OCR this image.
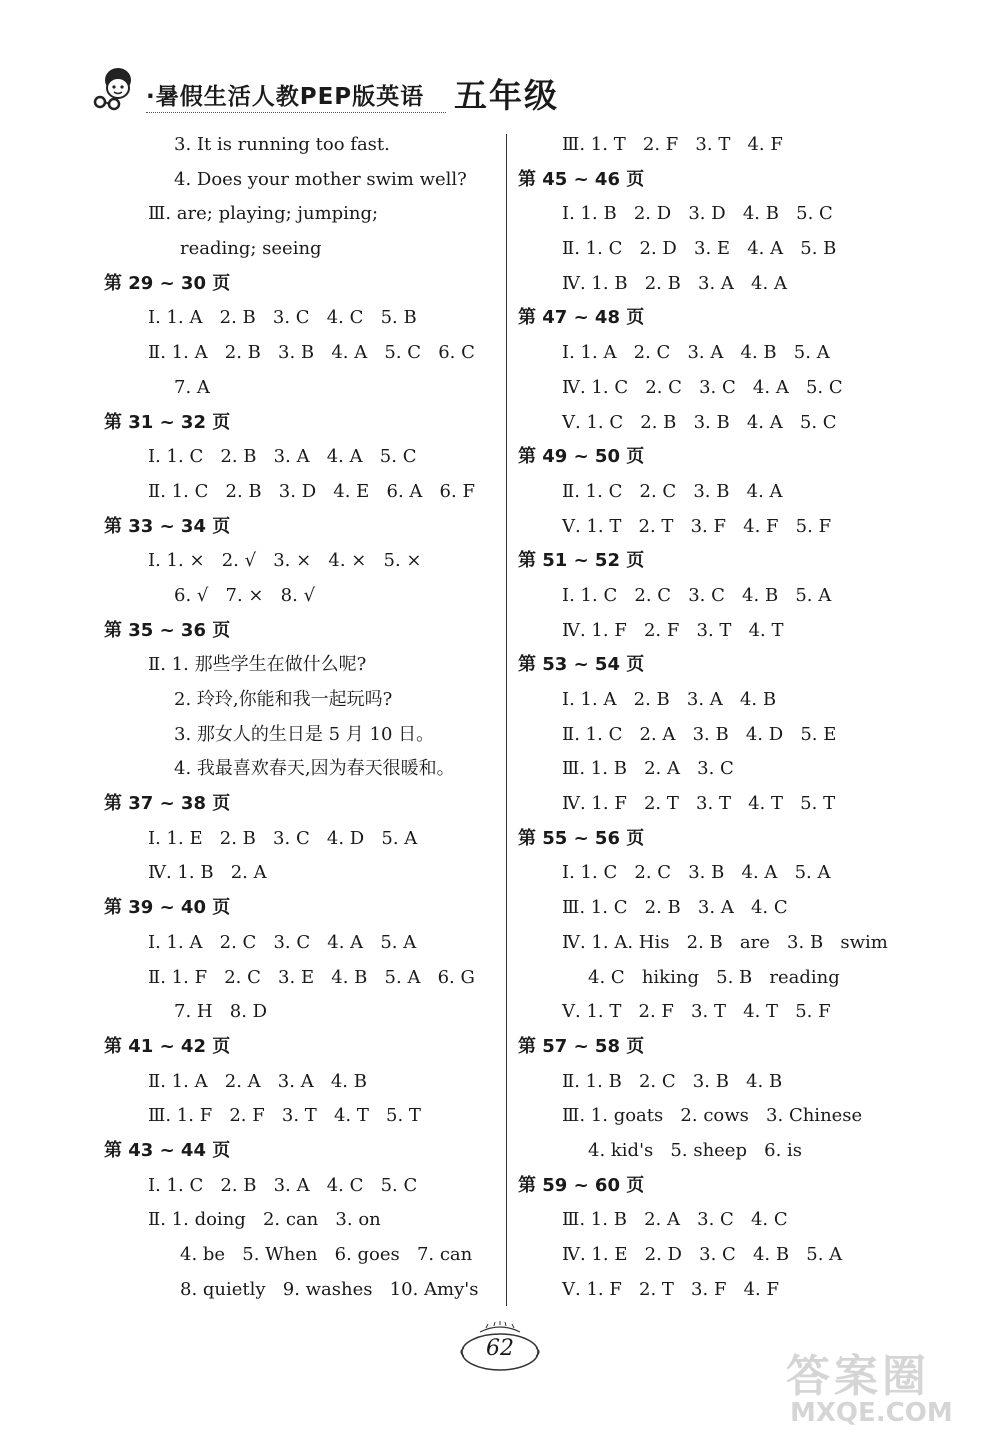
·暑假生活人教PEP版英语 五年级
3. It is running too fast.
4. Does your mother swim well?
Ⅲ. are; playing; jumping;
reading; seeing
第 29 ~ 30 页
Ⅰ. 1. A   2. B   3. C   4. C   5. B
Ⅱ. 1. A   2. B   3. B   4. A   5. C   6. C
7. A
第 31 ~ 32 页
Ⅰ. 1. C   2. B   3. A   4. A   5. C
Ⅱ. 1. C   2. B   3. D   4. E   6. A   6. F
第 33 ~ 34 页
Ⅰ. 1. ×   2. √   3. ×   4. ×   5. ×
6. √   7. ×   8. √
第 35 ~ 36 页
Ⅱ. 1. 那些学生在做什么呢?
2. 玲玲,你能和我一起玩吗?
3. 那女人的生日是 5 月 10 日。
4. 我最喜欢春天,因为春天很暖和。
第 37 ~ 38 页
Ⅰ. 1. E   2. B   3. C   4. D   5. A
Ⅳ. 1. B   2. A
第 39 ~ 40 页
Ⅰ. 1. A   2. C   3. C   4. A   5. A
Ⅱ. 1. F   2. C   3. E   4. B   5. A   6. G
7. H   8. D
第 41 ~ 42 页
Ⅱ. 1. A   2. A   3. A   4. B
Ⅲ. 1. F   2. F   3. T   4. T   5. T
第 43 ~ 44 页
Ⅰ. 1. C   2. B   3. A   4. C   5. C
Ⅱ. 1. doing   2. can   3. on
4. be   5. When   6. goes   7. can
8. quietly   9. washes   10. Amy's
Ⅲ. 1. T   2. F   3. T   4. F
第 45 ~ 46 页
Ⅰ. 1. B   2. D   3. D   4. B   5. C
Ⅱ. 1. C   2. D   3. E   4. A   5. B
Ⅳ. 1. B   2. B   3. A   4. A
第 47 ~ 48 页
Ⅰ. 1. A   2. C   3. A   4. B   5. A
Ⅳ. 1. C   2. C   3. C   4. A   5. C
Ⅴ. 1. C   2. B   3. B   4. A   5. C
第 49 ~ 50 页
Ⅱ. 1. C   2. C   3. B   4. A
Ⅴ. 1. T   2. T   3. F   4. F   5. F
第 51 ~ 52 页
Ⅰ. 1. C   2. C   3. C   4. B   5. A
Ⅳ. 1. F   2. F   3. T   4. T
第 53 ~ 54 页
Ⅰ. 1. A   2. B   3. A   4. B
Ⅱ. 1. C   2. A   3. B   4. D   5. E
Ⅲ. 1. B   2. A   3. C
Ⅳ. 1. F   2. T   3. T   4. T   5. T
第 55 ~ 56 页
Ⅰ. 1. C   2. C   3. B   4. A   5. A
Ⅲ. 1. C   2. B   3. A   4. C
Ⅳ. 1. A. His   2. B   are   3. B   swim
4. C   hiking   5. B   reading
Ⅴ. 1. T   2. F   3. T   4. T   5. F
第 57 ~ 58 页
Ⅱ. 1. B   2. C   3. B   4. B
Ⅲ. 1. goats   2. cows   3. Chinese
4. kid's   5. sheep   6. is
第 59 ~ 60 页
Ⅲ. 1. B   2. A   3. C   4. C
Ⅳ. 1. E   2. D   3. C   4. B   5. A
Ⅴ. 1. F   2. T   3. F   4. F
62
答案圈
MXQE.COM
